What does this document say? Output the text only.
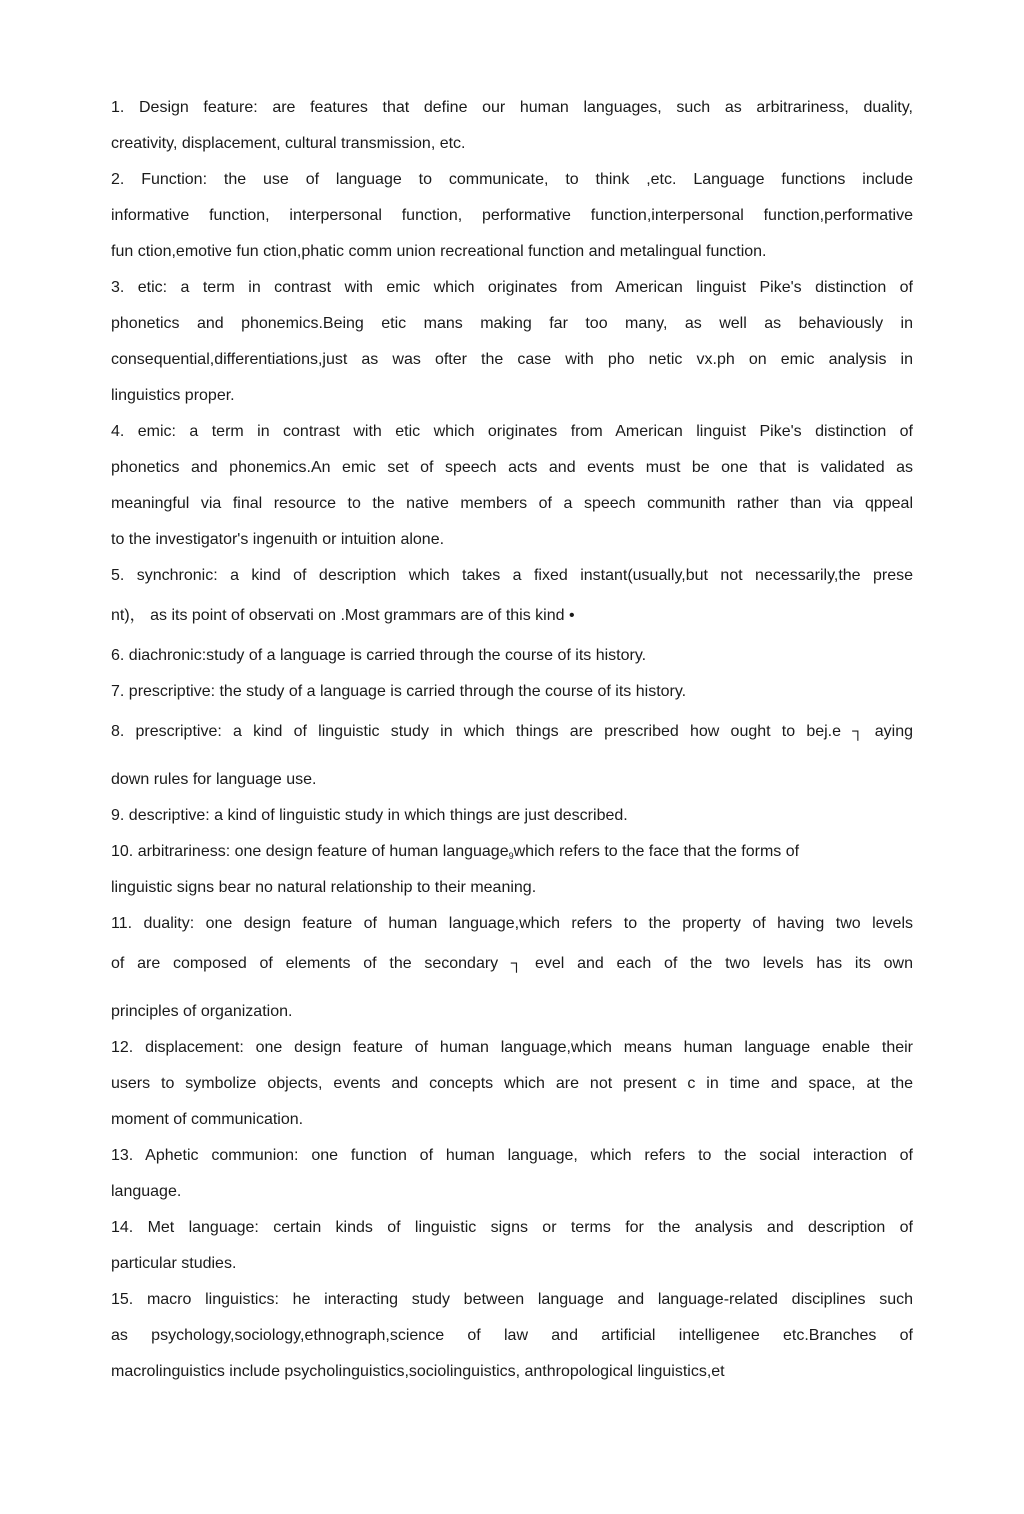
1. Design feature: are features that define our human languages, such as arbitrariness, duality,
creativity, displacement, cultural transmission, etc.
2. Function: the use of language to communicate, to think ,etc. Language functions include
informative function, interpersonal function, performative function,interpersonal function,performative
fun ction,emotive fun ction,phatic comm union recreational function and metalingual function.
3. etic: a term in contrast with emic which originates from American linguist Pike's distinction of
phonetics and phonemics.Being etic mans making far too many, as well as behaviously in
consequential,differentiations,just as was ofter the case with pho netic vx.ph on emic analysis in
linguistics proper.
4. emic: a term in contrast with etic which originates from American linguist Pike's distinction of
phonetics and phonemics.An emic set of speech acts and events must be one that is validated as
meaningful via final resource to the native members of a speech communith rather than via qppeal
to the investigator's ingenuith or intuition alone.
5. synchronic: a kind of description which takes a fixed instant(usually,but not necessarily,the prese
nt)， as its point of observati on .Most grammars are of this kind •
6. diachronic:study of a language is carried through the course of its history.
7. prescriptive: the study of a language is carried through the course of its history.
8. prescriptive: a kind of linguistic study in which things are prescribed how ought to bej.e ┐ aying
down rules for language use.
9. descriptive: a kind of linguistic study in which things are just described.
10. arbitrariness: one design feature of human language$_9$which refers to the face that the forms of
linguistic signs bear no natural relationship to their meaning.
11. duality: one design feature of human language,which refers to the property of having two levels
of are composed of elements of the secondary ┐ evel and each of the two levels has its own
principles of organization.
12. displacement: one design feature of human language,which means human language enable their
users to symbolize objects, events and concepts which are not present c in time and space, at the
moment of communication.
13. Aphetic communion: one function of human language, which refers to the social interaction of
language.
14. Met language: certain kinds of linguistic signs or terms for the analysis and description of
particular studies.
15. macro linguistics: he interacting study between language and language-related disciplines such
as psychology,sociology,ethnograph,science of law and artificial intelligenee etc.Branches of
macrolinguistics include psycholinguistics,sociolinguistics, anthropological linguistics,et
